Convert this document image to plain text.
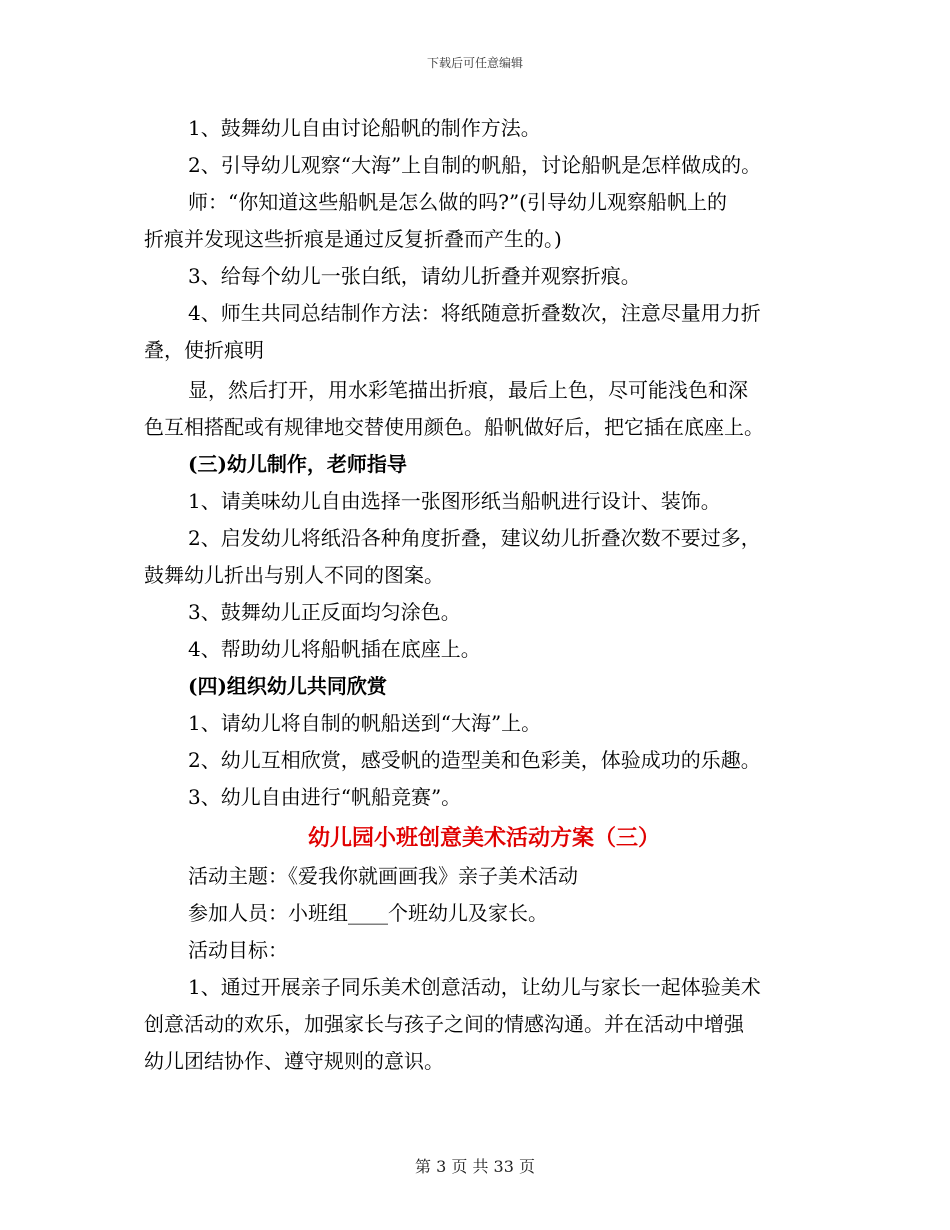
下载后可任意编辑
1、鼓舞幼儿自由讨论船帆的制作方法。
2、引导幼儿观察“大海”上自制的帆船，讨论船帆是怎样做成的。
师：“你知道这些船帆是怎么做的吗?”(引导幼儿观察船帆上的
折痕并发现这些折痕是通过反复折叠而产生的。)
3、给每个幼儿一张白纸，请幼儿折叠并观察折痕。
4、师生共同总结制作方法：将纸随意折叠数次，注意尽量用力折
叠，使折痕明
显，然后打开，用水彩笔描出折痕，最后上色，尽可能浅色和深
色互相搭配或有规律地交替使用颜色。船帆做好后，把它插在底座上。
(三)幼儿制作，老师指导
1、请美味幼儿自由选择一张图形纸当船帆进行设计、装饰。
2、启发幼儿将纸沿各种角度折叠，建议幼儿折叠次数不要过多，
鼓舞幼儿折出与别人不同的图案。
3、鼓舞幼儿正反面均匀涂色。
4、帮助幼儿将船帆插在底座上。
(四)组织幼儿共同欣赏
1、请幼儿将自制的帆船送到“大海”上。
2、幼儿互相欣赏，感受帆的造型美和色彩美，体验成功的乐趣。
3、幼儿自由进行“帆船竞赛”。
幼儿园小班创意美术活动方案（三）
活动主题：《爱我你就画画我》亲子美术活动
参加人员：小班组____个班幼儿及家长。
活动目标：
1、通过开展亲子同乐美术创意活动，让幼儿与家长一起体验美术
创意活动的欢乐，加强家长与孩子之间的情感沟通。并在活动中增强
幼儿团结协作、遵守规则的意识。
第 3 页 共 33 页
